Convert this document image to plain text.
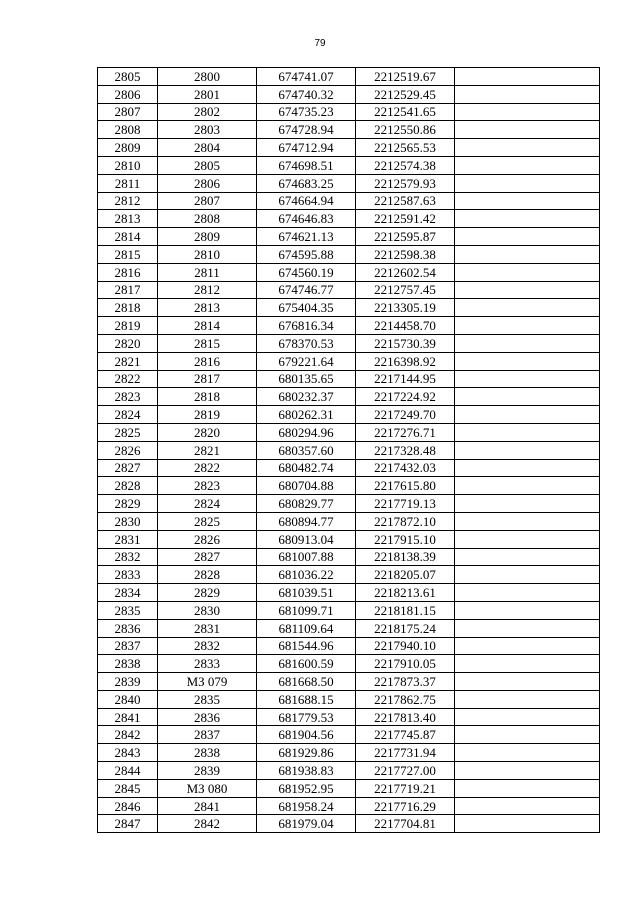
79
2805	2800	674741.07	2212519.67	
2806	2801	674740.32	2212529.45	
2807	2802	674735.23	2212541.65	
2808	2803	674728.94	2212550.86	
2809	2804	674712.94	2212565.53	
2810	2805	674698.51	2212574.38	
2811	2806	674683.25	2212579.93	
2812	2807	674664.94	2212587.63	
2813	2808	674646.83	2212591.42	
2814	2809	674621.13	2212595.87	
2815	2810	674595.88	2212598.38	
2816	2811	674560.19	2212602.54	
2817	2812	674746.77	2212757.45	
2818	2813	675404.35	2213305.19	
2819	2814	676816.34	2214458.70	
2820	2815	678370.53	2215730.39	
2821	2816	679221.64	2216398.92	
2822	2817	680135.65	2217144.95	
2823	2818	680232.37	2217224.92	
2824	2819	680262.31	2217249.70	
2825	2820	680294.96	2217276.71	
2826	2821	680357.60	2217328.48	
2827	2822	680482.74	2217432.03	
2828	2823	680704.88	2217615.80	
2829	2824	680829.77	2217719.13	
2830	2825	680894.77	2217872.10	
2831	2826	680913.04	2217915.10	
2832	2827	681007.88	2218138.39	
2833	2828	681036.22	2218205.07	
2834	2829	681039.51	2218213.61	
2835	2830	681099.71	2218181.15	
2836	2831	681109.64	2218175.24	
2837	2832	681544.96	2217940.10	
2838	2833	681600.59	2217910.05	
2839	МЗ 079	681668.50	2217873.37	
2840	2835	681688.15	2217862.75	
2841	2836	681779.53	2217813.40	
2842	2837	681904.56	2217745.87	
2843	2838	681929.86	2217731.94	
2844	2839	681938.83	2217727.00	
2845	МЗ 080	681952.95	2217719.21	
2846	2841	681958.24	2217716.29	
2847	2842	681979.04	2217704.81	
